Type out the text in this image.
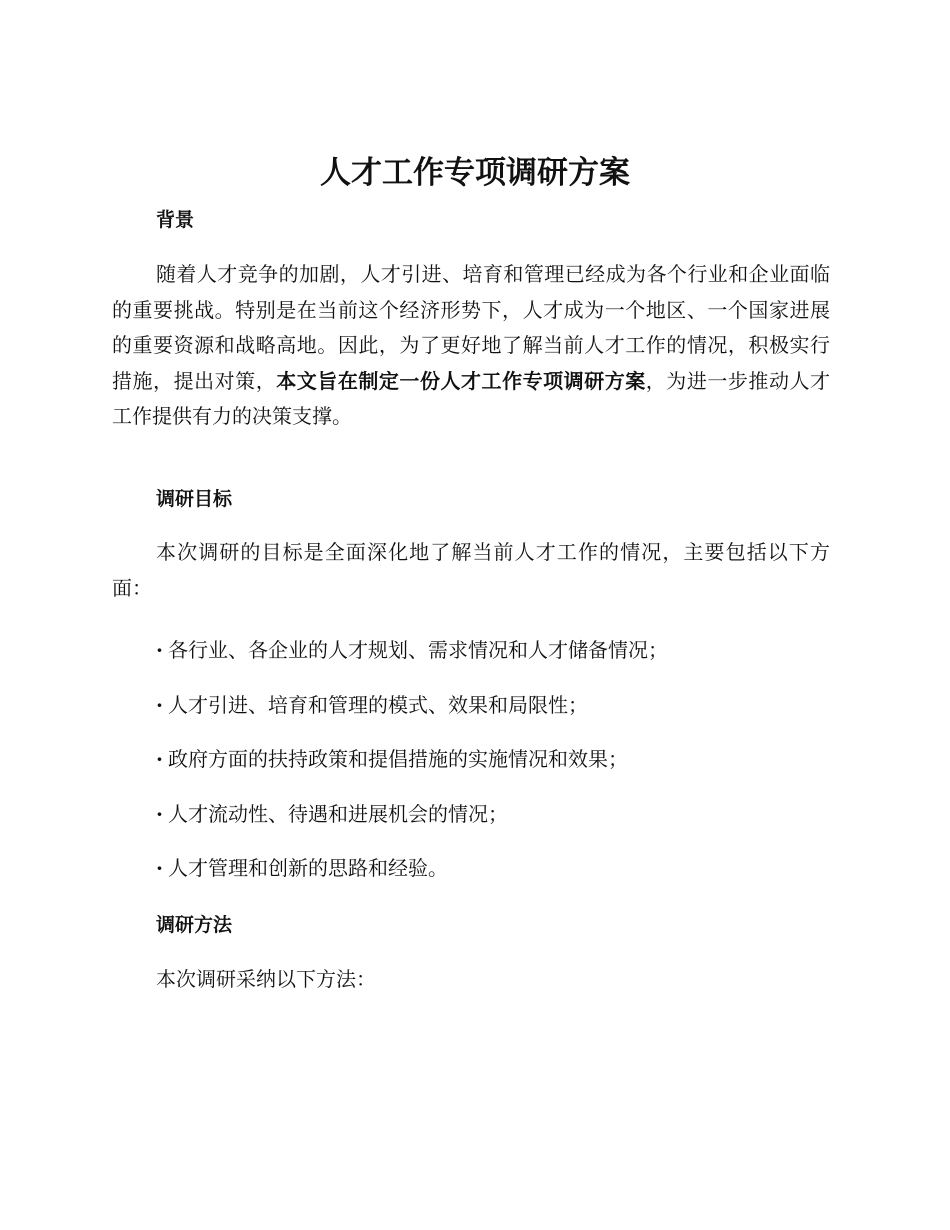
人才工作专项调研方案
背景

随着人才竞争的加剧，人才引进、培育和管理已经成为各个行业和企业面临的重要挑战。特别是在当前这个经济形势下，人才成为一个地区、一个国家进展的重要资源和战略高地。因此，为了更好地了解当前人才工作的情况，积极实行措施，提出对策，本文旨在制定一份人才工作专项调研方案，为进一步推动人才工作提供有力的决策支撑。

调研目标

本次调研的目标是全面深化地了解当前人才工作的情况，主要包括以下方面：

· 各行业、各企业的人才规划、需求情况和人才储备情况；
· 人才引进、培育和管理的模式、效果和局限性；
· 政府方面的扶持政策和提倡措施的实施情况和效果；
· 人才流动性、待遇和进展机会的情况；
· 人才管理和创新的思路和经验。
调研方法

本次调研采纳以下方法：
